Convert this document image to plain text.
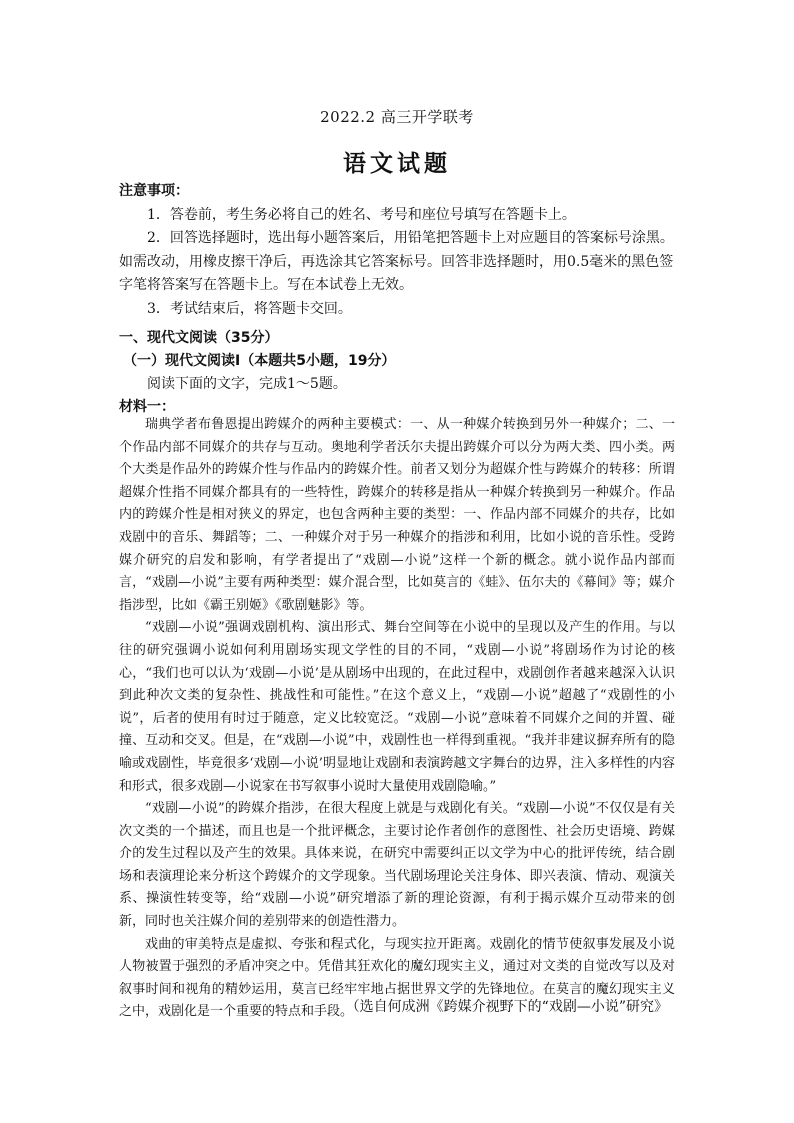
2022.2 高三开学联考
语文试题

注意事项：

1．答卷前，考生务必将自己的姓名、考号和座位号填写在答题卡上。

2．回答选择题时，选出每小题答案后，用铅笔把答题卡上对应题目的答案标号涂黑。如需改动，用橡皮擦干净后，再选涂其它答案标号。回答非选择题时，用0.5毫米的黑色签字笔将答案写在答题卡上。写在本试卷上无效。

3．考试结束后，将答题卡交回。

一、现代文阅读（35分）
（一）现代文阅读Ⅰ（本题共5小题，19分）
阅读下面的文字，完成1～5题。
材料一：

瑞典学者布鲁恩提出跨媒介的两种主要模式：一、从一种媒介转换到另外一种媒介；二、一个作品内部不同媒介的共存与互动。奥地利学者沃尔夫提出跨媒介可以分为两大类、四小类。两个大类是作品外的跨媒介性与作品内的跨媒介性。前者又划分为超媒介性与跨媒介的转移：所谓超媒介性指不同媒介都具有的一些特性，跨媒介的转移是指从一种媒介转换到另一种媒介。作品内的跨媒介性是相对狭义的界定，也包含两种主要的类型：一、作品内部不同媒介的共存，比如戏剧中的音乐、舞蹈等；二、一种媒介对于另一种媒介的指涉和利用，比如小说的音乐性。受跨媒介研究的启发和影响，有学者提出了“戏剧—小说”这样一个新的概念。就小说作品内部而言，“戏剧—小说”主要有两种类型：媒介混合型，比如莫言的《蛙》、伍尔夫的《幕间》等；媒介指涉型，比如《霸王别姬》《歌剧魅影》等。

“戏剧—小说”强调戏剧机构、演出形式、舞台空间等在小说中的呈现以及产生的作用。与以往的研究强调小说如何利用剧场实现文学性的目的不同，“戏剧—小说”将剧场作为讨论的核心，“我们也可以认为‘戏剧—小说’是从剧场中出现的，在此过程中，戏剧创作者越来越深入认识到此种次文类的复杂性、挑战性和可能性。”在这个意义上，“戏剧—小说”超越了“戏剧性的小说”，后者的使用有时过于随意，定义比较宽泛。“戏剧—小说”意味着不同媒介之间的并置、碰撞、互动和交叉。但是，在“戏剧—小说”中，戏剧性也一样得到重视。“我并非建议摒弃所有的隐喻或戏剧性，毕竟很多‘戏剧—小说’明显地让戏剧和表演跨越文字舞台的边界，注入多样性的内容和形式，很多戏剧—小说家在书写叙事小说时大量使用戏剧隐喻。”

“戏剧—小说”的跨媒介指涉，在很大程度上就是与戏剧化有关。“戏剧—小说”不仅仅是有关次文类的一个描述，而且也是一个批评概念，主要讨论作者创作的意图性、社会历史语境、跨媒介的发生过程以及产生的效果。具体来说，在研究中需要纠正以文学为中心的批评传统，结合剧场和表演理论来分析这个跨媒介的文学现象。当代剧场理论关注身体、即兴表演、情动、观演关系、操演性转变等，给“戏剧—小说”研究增添了新的理论资源，有利于揭示媒介互动带来的创新，同时也关注媒介间的差别带来的创造性潜力。

戏曲的审美特点是虚拟、夸张和程式化，与现实拉开距离。戏剧化的情节使叙事发展及小说人物被置于强烈的矛盾冲突之中。凭借其狂欢化的魔幻现实主义，通过对文类的自觉改写以及对叙事时间和视角的精妙运用，莫言已经牢牢地占据世界文学的先锋地位。在莫言的魔幻现实主义之中，戏剧化是一个重要的特点和手段。

（选自何成洲《跨媒介视野下的“戏剧—小说”研究》
